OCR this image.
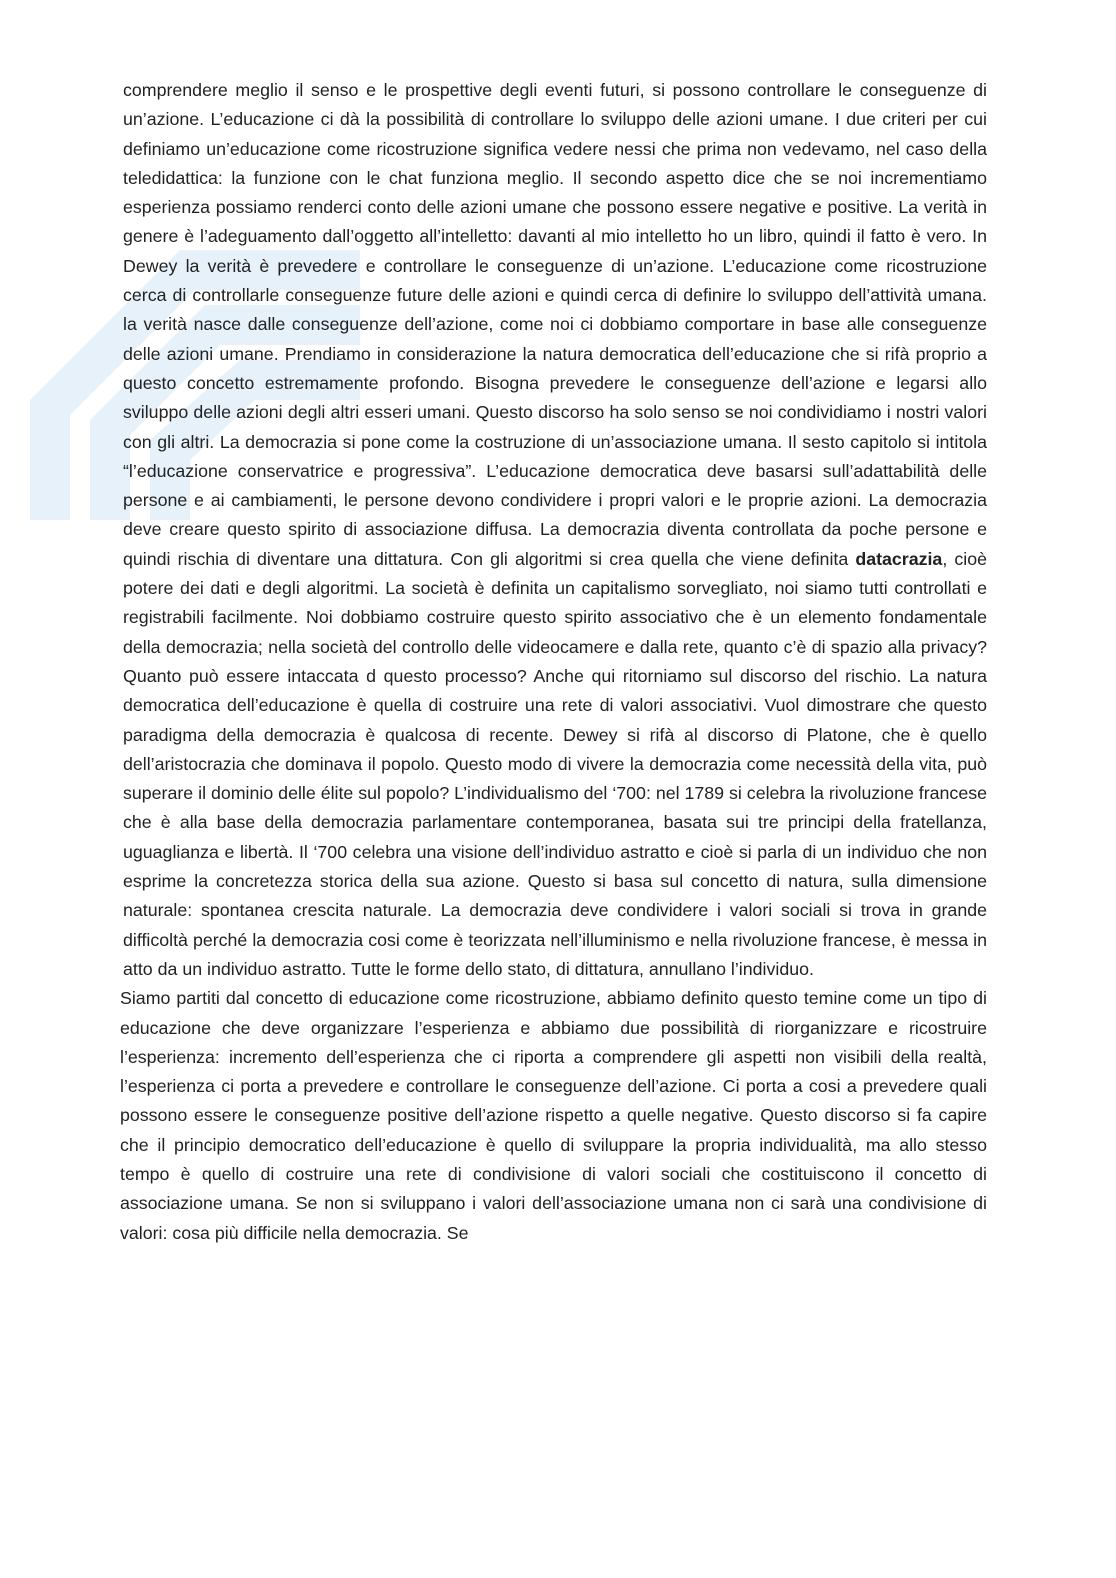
comprendere meglio il senso e le prospettive degli eventi futuri, si possono controllare le conseguenze di un’azione. L’educazione ci dà la possibilità di controllare lo sviluppo delle azioni umane. I due criteri per cui definiamo un’educazione come ricostruzione significa vedere nessi che prima non vedevamo, nel caso della teledidattica: la funzione con le chat funziona meglio. Il secondo aspetto dice che se noi incrementiamo esperienza possiamo renderci conto delle azioni umane che possono essere negative e positive. La verità in genere è l’adeguamento dall’oggetto all’intelletto: davanti al mio intelletto ho un libro, quindi il fatto è vero. In Dewey la verità è prevedere e controllare le conseguenze di un’azione. L’educazione come ricostruzione cerca di controllarle conseguenze future delle azioni e quindi cerca di definire lo sviluppo dell’attività umana. la verità nasce dalle conseguenze dell’azione, come noi ci dobbiamo comportare in base alle conseguenze delle azioni umane. Prendiamo in considerazione la natura democratica dell’educazione che si rifà proprio a questo concetto estremamente profondo. Bisogna prevedere le conseguenze dell’azione e legarsi allo sviluppo delle azioni degli altri esseri umani. Questo discorso ha solo senso se noi condividiamo i nostri valori con gli altri. La democrazia si pone come la costruzione di un’associazione umana. Il sesto capitolo si intitola “l’educazione conservatrice e progressiva”. L’educazione democratica deve basarsi sull’adattabilità delle persone e ai cambiamenti, le persone devono condividere i propri valori e le proprie azioni. La democrazia deve creare questo spirito di associazione diffusa. La democrazia diventa controllata da poche persone e quindi rischia di diventare una dittatura. Con gli algoritmi si crea quella che viene definita datacrazia, cioè potere dei dati e degli algoritmi. La società è definita un capitalismo sorvegliato, noi siamo tutti controllati e registrabili facilmente. Noi dobbiamo costruire questo spirito associativo che è un elemento fondamentale della democrazia; nella società del controllo delle videocamere e dalla rete, quanto c’è di spazio alla privacy? Quanto può essere intaccata d questo processo? Anche qui ritorniamo sul discorso del rischio. La natura democratica dell’educazione è quella di costruire una rete di valori associativi. Vuol dimostrare che questo paradigma della democrazia è qualcosa di recente. Dewey si rifà al discorso di Platone, che è quello dell’aristocrazia che dominava il popolo. Questo modo di vivere la democrazia come necessità della vita, può superare il dominio delle élite sul popolo? L’individualismo del ‘700: nel 1789 si celebra la rivoluzione francese che è alla base della democrazia parlamentare contemporanea, basata sui tre principi della fratellanza, uguaglianza e libertà. Il ‘700 celebra una visione dell’individuo astratto e cioè si parla di un individuo che non esprime la concretezza storica della sua azione. Questo si basa sul concetto di natura, sulla dimensione naturale: spontanea crescita naturale. La democrazia deve condividere i valori sociali si trova in grande difficoltà perché la democrazia cosi come è teorizzata nell’illuminismo e nella rivoluzione francese, è messa in atto da un individuo astratto. Tutte le forme dello stato, di dittatura, annullano l’individuo.

Siamo partiti dal concetto di educazione come ricostruzione, abbiamo definito questo temine come un tipo di educazione che deve organizzare l’esperienza e abbiamo due possibilità di riorganizzare e ricostruire l’esperienza: incremento dell’esperienza che ci riporta a comprendere gli aspetti non visibili della realtà, l’esperienza ci porta a prevedere e controllare le conseguenze dell’azione. Ci porta a cosi a prevedere quali possono essere le conseguenze positive dell’azione rispetto a quelle negative. Questo discorso si fa capire che il principio democratico dell’educazione è quello di sviluppare la propria individualità, ma allo stesso tempo è quello di costruire una rete di condivisione di valori sociali che costituiscono il concetto di associazione umana. Se non si sviluppano i valori dell’associazione umana non ci sarà una condivisione di valori: cosa più difficile nella democrazia. Se
